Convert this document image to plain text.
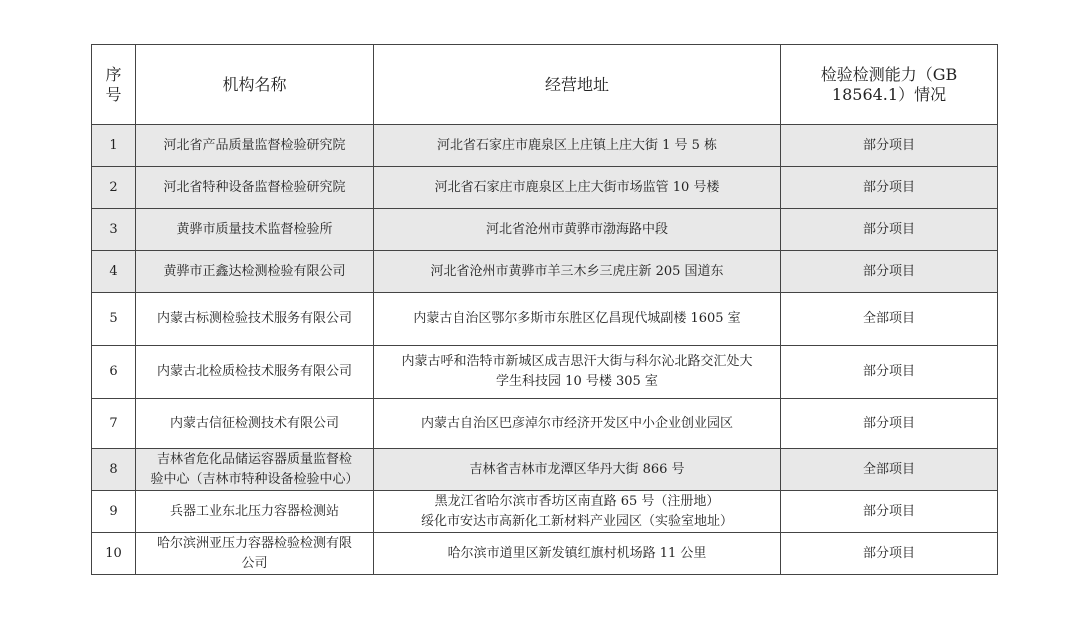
序
号	机构名称	经营地址	检验检测能力（GB
18564.1）情况
1	河北省产品质量监督检验研究院	河北省石家庄市鹿泉区上庄镇上庄大街 1 号 5 栋	部分项目
2	河北省特种设备监督检验研究院	河北省石家庄市鹿泉区上庄大街市场监管 10 号楼	部分项目
3	黄骅市质量技术监督检验所	河北省沧州市黄骅市渤海路中段	部分项目
4	黄骅市正鑫达检测检验有限公司	河北省沧州市黄骅市羊三木乡三虎庄新 205 国道东	部分项目
5	内蒙古标测检验技术服务有限公司	内蒙古自治区鄂尔多斯市东胜区亿昌现代城副楼 1605 室	全部项目
6	内蒙古北检质检技术服务有限公司	内蒙古呼和浩特市新城区成吉思汗大街与科尔沁北路交汇处大
学生科技园 10 号楼 305 室	部分项目
7	内蒙古信征检测技术有限公司	内蒙古自治区巴彦淖尔市经济开发区中小企业创业园区	部分项目
8	吉林省危化品储运容器质量监督检
验中心（吉林市特种设备检验中心）	吉林省吉林市龙潭区华丹大街 866 号	全部项目
9	兵器工业东北压力容器检测站	黑龙江省哈尔滨市香坊区南直路 65 号（注册地）
绥化市安达市高新化工新材料产业园区（实验室地址）	部分项目
10	哈尔滨洲亚压力容器检验检测有限
公司	哈尔滨市道里区新发镇红旗村机场路 11 公里	部分项目
